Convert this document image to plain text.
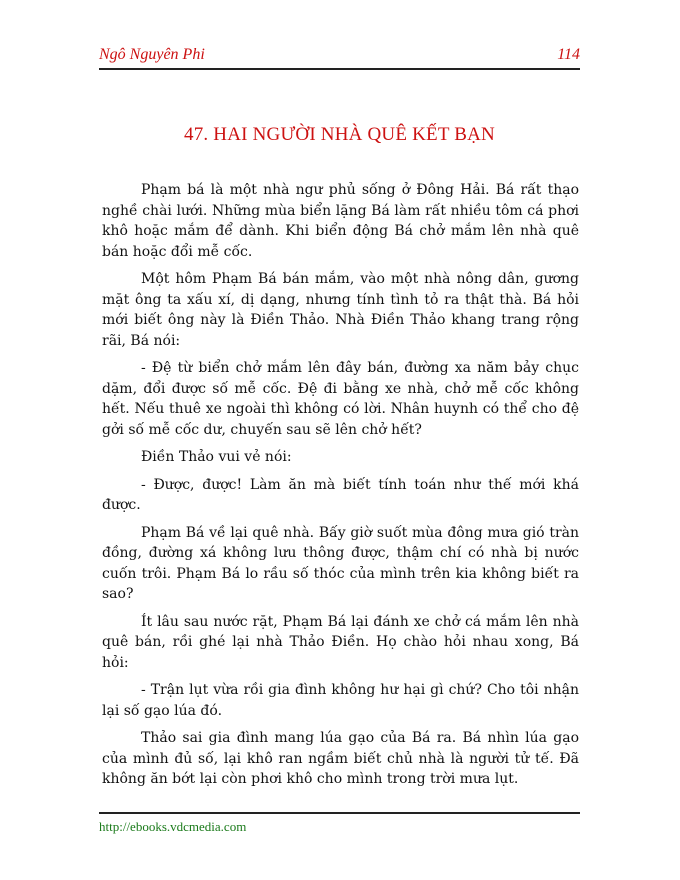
Ngô Nguyên Phi	114
47. HAI NGƯỜI NHÀ QUÊ KẾT BẠN

Phạm bá là một nhà ngư phủ sống ở Đông Hải. Bá rất thạo nghề chài lưới. Những mùa biển lặng Bá làm rất nhiều tôm cá phơi khô hoặc mắm để dành. Khi biển động Bá chở mắm lên nhà quê bán hoặc đổi mễ cốc.

Một hôm Phạm Bá bán mắm, vào một nhà nông dân, gương mặt ông ta xấu xí, dị dạng, nhưng tính tình tỏ ra thật thà. Bá hỏi mới biết ông này là Điền Thảo. Nhà Điền Thảo khang trang rộng rãi, Bá nói:

- Đệ từ biển chở mắm lên đây bán, đường xa năm bảy chục dặm, đổi được số mễ cốc. Đệ đi bằng xe nhà, chở mễ cốc không hết. Nếu thuê xe ngoài thì không có lời. Nhân huynh có thể cho đệ gởi số mễ cốc dư, chuyến sau sẽ lên chở hết?

Điền Thảo vui vẻ nói:

- Được, được! Làm ăn mà biết tính toán như thế mới khá được.

Phạm Bá về lại quê nhà. Bấy giờ suốt mùa đông mưa gió tràn đồng, đường xá không lưu thông được, thậm chí có nhà bị nước cuốn trôi. Phạm Bá lo rầu số thóc của mình trên kia không biết ra sao?

Ít lâu sau nước rặt, Phạm Bá lại đánh xe chở cá mắm lên nhà quê bán, rồi ghé lại nhà Thảo Điền. Họ chào hỏi nhau xong, Bá hỏi:

- Trận lụt vừa rồi gia đình không hư hại gì chứ? Cho tôi nhận lại số gạo lúa đó.

Thảo sai gia đình mang lúa gạo của Bá ra. Bá nhìn lúa gạo của mình đủ số, lại khô ran ngầm biết chủ nhà là người tử tế. Đã không ăn bớt lại còn phơi khô cho mình trong trời mưa lụt.

http://ebooks.vdcmedia.com
